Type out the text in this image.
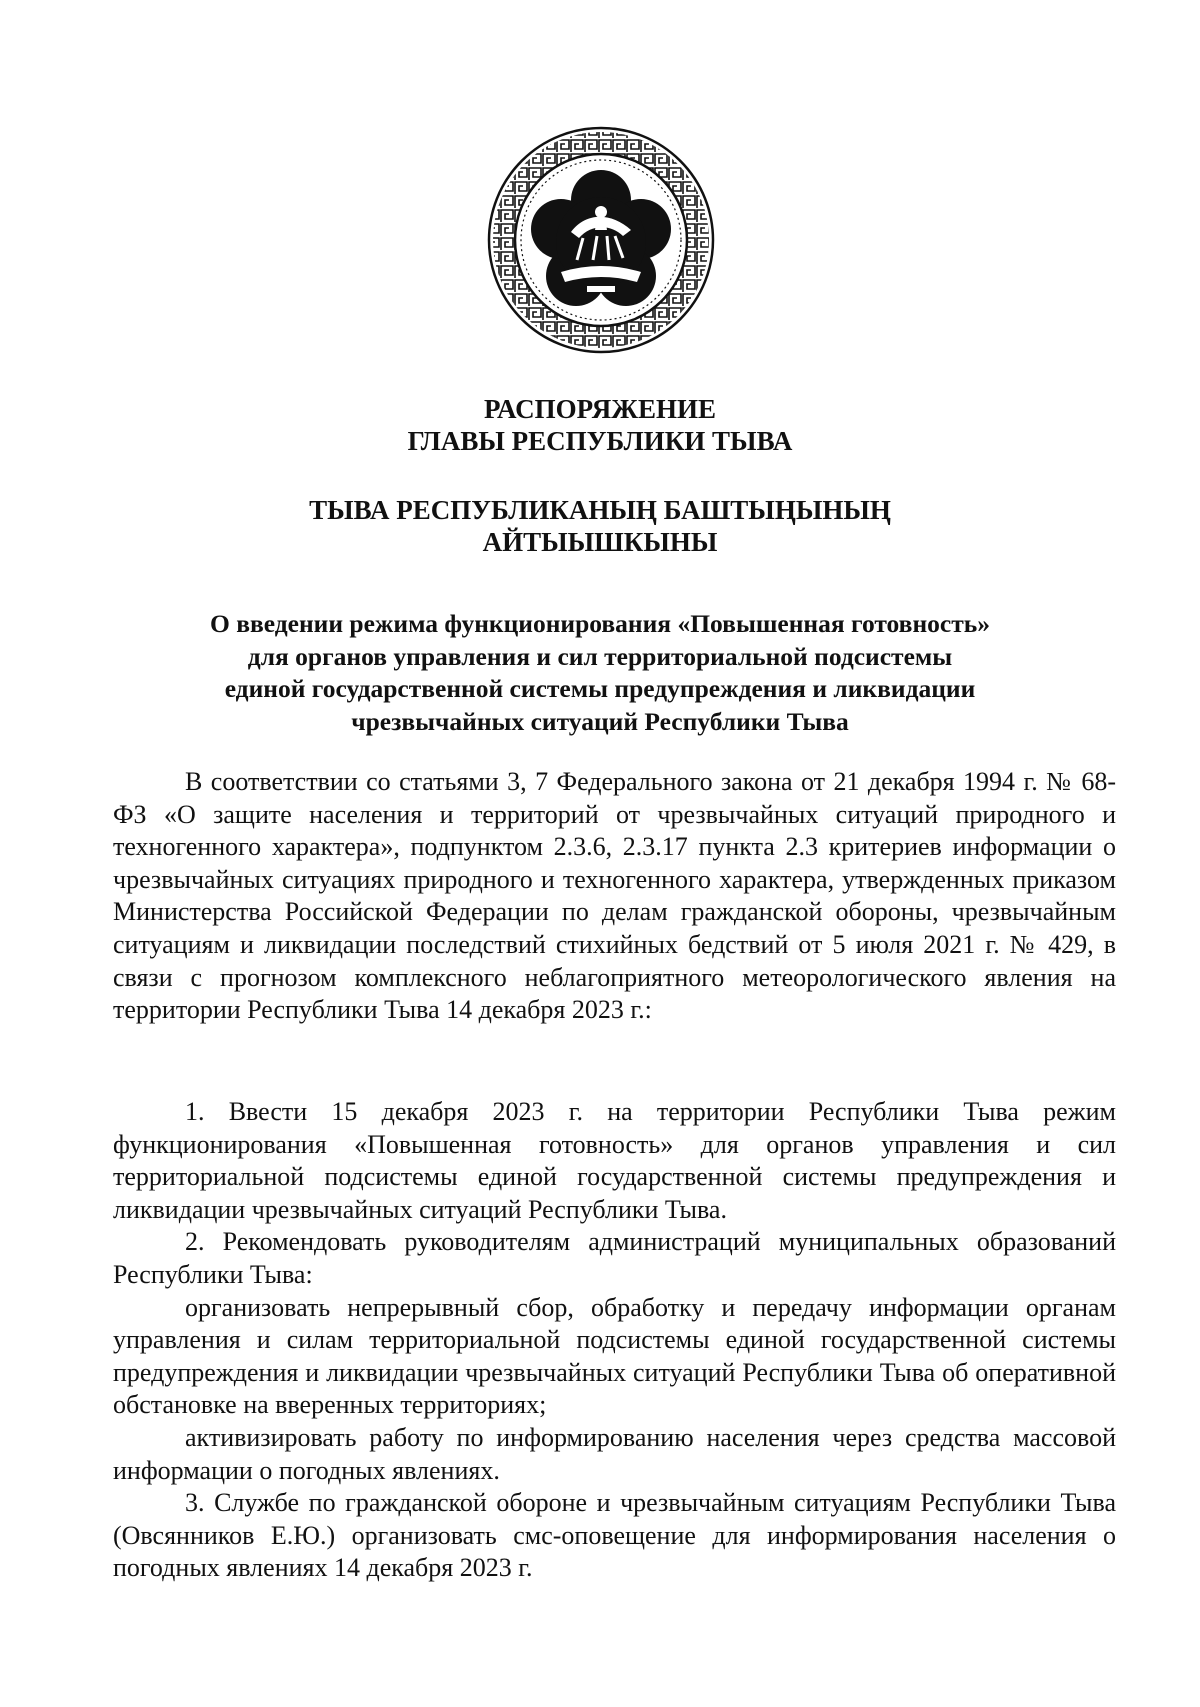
РАСПОРЯЖЕНИЕ
ГЛАВЫ РЕСПУБЛИКИ ТЫВА
ТЫВА РЕСПУБЛИКАНЫҢ БАШТЫҢЫНЫҢ
АЙТЫЫШКЫНЫ
О введении режима функционирования «Повышенная готовность»
для органов управления и сил территориальной подсистемы
единой государственной системы предупреждения и ликвидации
чрезвычайных ситуаций Республики Тыва

В соответствии со статьями 3, 7 Федерального закона от 21 декабря 1994 г. № 68-ФЗ «О защите населения и территорий от чрезвычайных ситуаций природного и техногенного характера», подпунктом 2.3.6, 2.3.17 пункта 2.3 критериев информации о чрезвычайных ситуациях природного и техногенного характера, утвержденных приказом Министерства Российской Федерации по делам гражданской обороны, чрезвычайным ситуациям и ликвидации последствий стихийных бедствий от 5 июля 2021 г. № 429, в связи с прогнозом комплексного неблагоприятного метеорологического явления на территории Республики Тыва 14 декабря 2023 г.:

1. Ввести 15 декабря 2023 г. на территории Республики Тыва режим функционирования «Повышенная готовность» для органов управления и сил территориальной подсистемы единой государственной системы предупреждения и ликвидации чрезвычайных ситуаций Республики Тыва.

2. Рекомендовать руководителям администраций муниципальных образований Республики Тыва:

организовать непрерывный сбор, обработку и передачу информации органам управления и силам территориальной подсистемы единой государственной системы предупреждения и ликвидации чрезвычайных ситуаций Республики Тыва об оперативной обстановке на вверенных территориях;

активизировать работу по информированию населения через средства массовой информации о погодных явлениях.

3. Службе по гражданской обороне и чрезвычайным ситуациям Республики Тыва (Овсянников Е.Ю.) организовать смс-оповещение для информирования населения о погодных явлениях 14 декабря 2023 г.
